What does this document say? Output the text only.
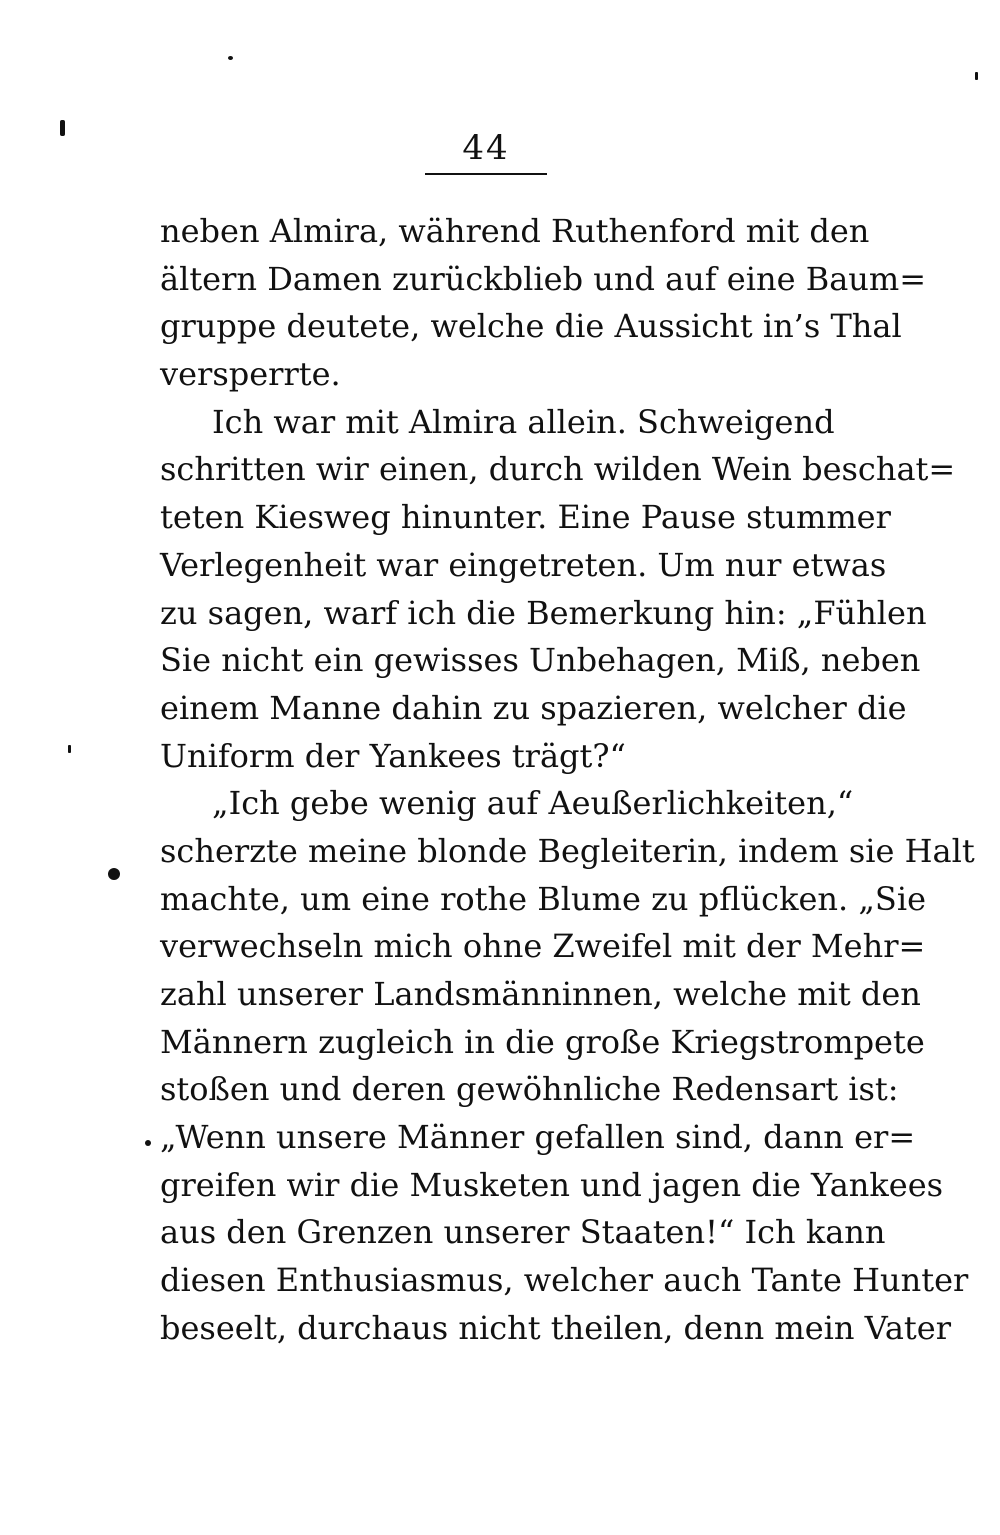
44
neben Almira, während Ruthenford mit den
ältern Damen zurückblieb und auf eine Baum=
gruppe deutete, welche die Aussicht in’s Thal
versperrte.
Ich war mit Almira allein. Schweigend
schritten wir einen, durch wilden Wein beschat=
teten Kiesweg hinunter. Eine Pause stummer
Verlegenheit war eingetreten. Um nur etwas
zu sagen, warf ich die Bemerkung hin: „Fühlen
Sie nicht ein gewisses Unbehagen, Miß, neben
einem Manne dahin zu spazieren, welcher die
Uniform der Yankees trägt?“
„Ich gebe wenig auf Aeußerlichkeiten,“
scherzte meine blonde Begleiterin, indem sie Halt
machte, um eine rothe Blume zu pflücken. „Sie
verwechseln mich ohne Zweifel mit der Mehr=
zahl unserer Landsmänninnen, welche mit den
Männern zugleich in die große Kriegstrompete
stoßen und deren gewöhnliche Redensart ist:
„Wenn unsere Männer gefallen sind, dann er=
greifen wir die Musketen und jagen die Yankees
aus den Grenzen unserer Staaten!“ Ich kann
diesen Enthusiasmus, welcher auch Tante Hunter
beseelt, durchaus nicht theilen, denn mein Vater
